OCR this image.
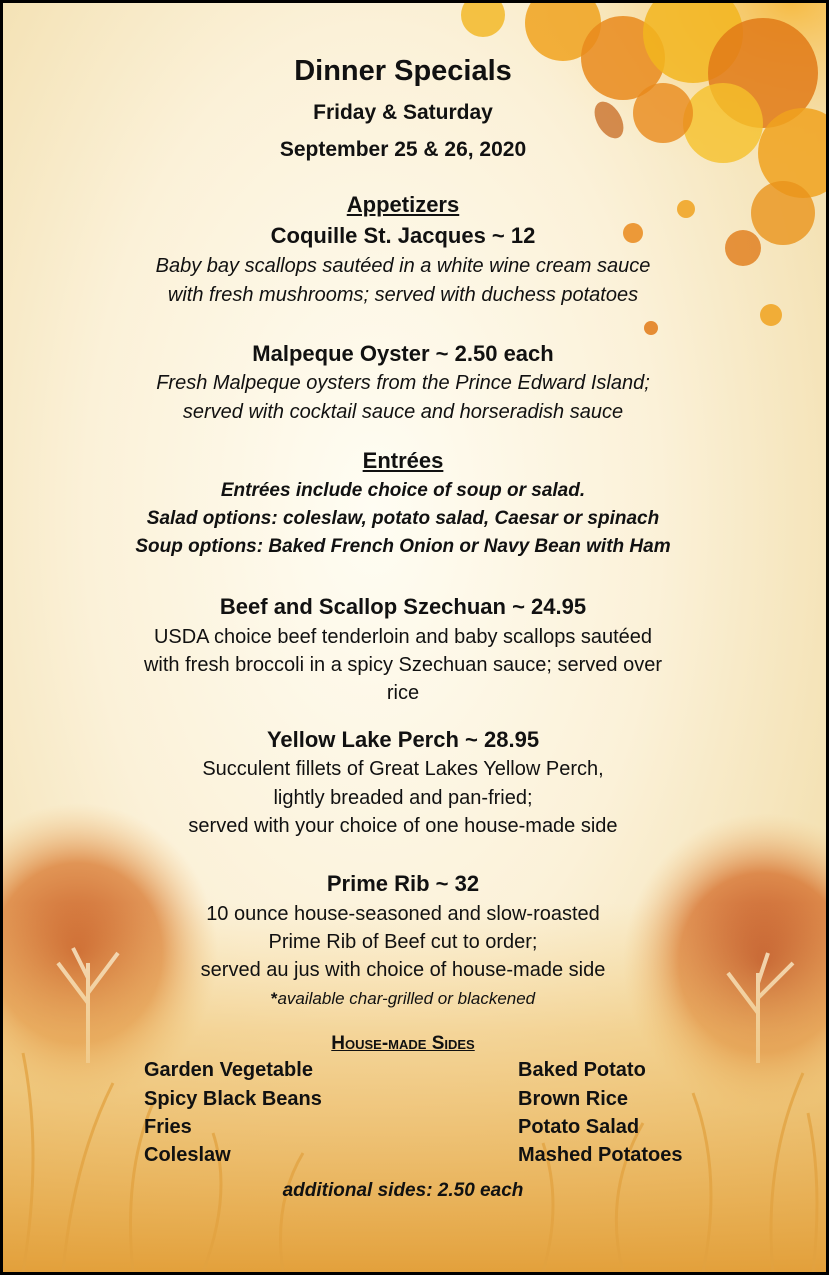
Dinner Specials
Friday & Saturday
September 25 & 26, 2020
Appetizers
Coquille St. Jacques ~ 12
Baby bay scallops sautéed in a white wine cream sauce
with fresh mushrooms; served with duchess potatoes
Malpeque Oyster ~ 2.50 each
Fresh Malpeque oysters from the Prince Edward Island;
served with cocktail sauce and horseradish sauce
Entrées
Entrées include choice of soup or salad.
Salad options: coleslaw, potato salad, Caesar or spinach
Soup options: Baked French Onion or Navy Bean with Ham
Beef and Scallop Szechuan ~ 24.95
USDA choice beef tenderloin and baby scallops sautéed
with fresh broccoli in a spicy Szechuan sauce; served over
rice
Yellow Lake Perch ~ 28.95
Succulent fillets of Great Lakes Yellow Perch,
lightly breaded and pan-fried;
served with your choice of one house-made side
Prime Rib ~ 32
10 ounce house-seasoned and slow-roasted
Prime Rib of Beef cut to order;
served au jus with choice of house-made side
*available char-grilled or blackened
House-made Sides
Garden Vegetable
Spicy Black Beans
Fries
Coleslaw
Baked Potato
Brown Rice
Potato Salad
Mashed Potatoes
additional sides: 2.50 each
